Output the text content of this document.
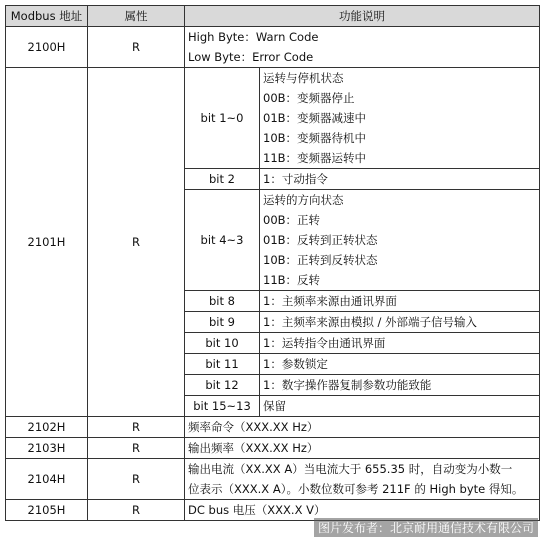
Modbus 地址	属性	功能说明	
2100H	R	High Byte：Warn Code
Low Byte：Error Code	

2101H	R	bit 1~0	运转与停机状态
00B：变频器停止
01B：变频器减速中
10B：变频器待机中
11B：变频器运转中

		bit 2	1：寸动指令
		bit 4~3	运转的方向状态
00B：正转
01B：反转到正转状态
10B：正转到反转状态
11B：反转

		bit 8	1：主频率来源由通讯界面
		bit 9	1：主频率来源由模拟 / 外部端子信号输入
		bit 10	1：运转指令由通讯界面
		bit 11	1：参数锁定
		bit 12	1：数字操作器复制参数功能致能
		bit 15~13	保留
2102H	R	频率命令（XXX.XX Hz）	
2103H	R	输出频率（XXX.XX Hz）	
2104H	R	输出电流（XX.XX A）当电流大于 655.35 时，自动变为小数一
位表示（XXX.X A）。小数位数可参考 211F 的 High byte 得知。	

2105H	R	DC bus 电压（XXX.X V）	
图片发布者：北京耐用通信技术有限公司
